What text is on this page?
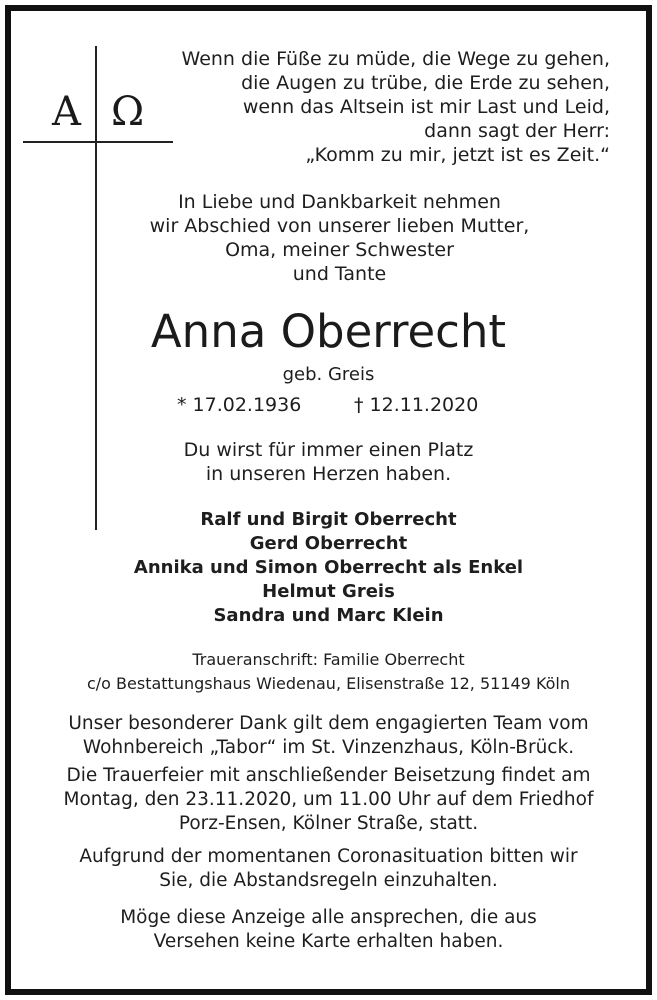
A Ω
Wenn die Füße zu müde, die Wege zu gehen,
die Augen zu trübe, die Erde zu sehen,
wenn das Altsein ist mir Last und Leid,
dann sagt der Herr:
„Komm zu mir, jetzt ist es Zeit.“
In Liebe und Dankbarkeit nehmen
wir Abschied von unserer lieben Mutter,
Oma, meiner Schwester
und Tante
Anna Oberrecht
geb. Greis
* 17.02.1936	† 12.11.2020
Du wirst für immer einen Platz
in unseren Herzen haben.
Ralf und Birgit Oberrecht
Gerd Oberrecht
Annika und Simon Oberrecht als Enkel
Helmut Greis
Sandra und Marc Klein
Traueranschrift: Familie Oberrecht
c/o Bestattungshaus Wiedenau, Elisenstraße 12, 51149 Köln
Unser besonderer Dank gilt dem engagierten Team vom
Wohnbereich „Tabor“ im St. Vinzenzhaus, Köln-Brück.
Die Trauerfeier mit anschließender Beisetzung findet am
Montag, den 23.11.2020, um 11.00 Uhr auf dem Friedhof
Porz-Ensen, Kölner Straße, statt.
Aufgrund der momentanen Coronasituation bitten wir
Sie, die Abstandsregeln einzuhalten.
Möge diese Anzeige alle ansprechen, die aus
Versehen keine Karte erhalten haben.
